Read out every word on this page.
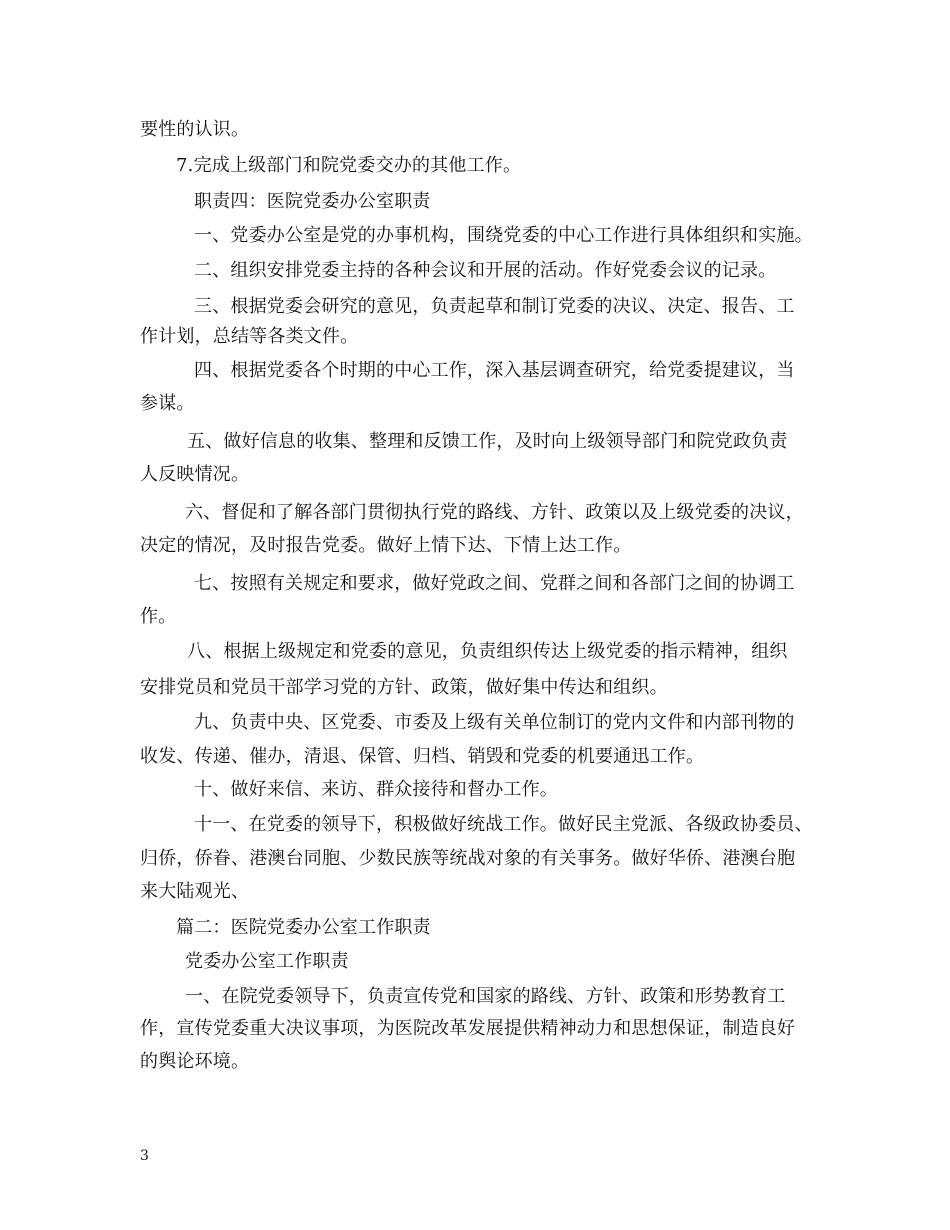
要性的认识。
7.完成上级部门和院党委交办的其他工作。
职责四：医院党委办公室职责
一、党委办公室是党的办事机构，围绕党委的中心工作进行具体组织和实施。
二、组织安排党委主持的各种会议和开展的活动。作好党委会议的记录。
三、根据党委会研究的意见，负责起草和制订党委的决议、决定、报告、工
作计划，总结等各类文件。
四、根据党委各个时期的中心工作，深入基层调查研究，给党委提建议，当
参谋。
五、做好信息的收集、整理和反馈工作，及时向上级领导部门和院党政负责
人反映情况。
六、督促和了解各部门贯彻执行党的路线、方针、政策以及上级党委的决议，
决定的情况，及时报告党委。做好上情下达、下情上达工作。
七、按照有关规定和要求，做好党政之间、党群之间和各部门之间的协调工
作。
八、根据上级规定和党委的意见，负责组织传达上级党委的指示精神，组织
安排党员和党员干部学习党的方针、政策，做好集中传达和组织。
九、负责中央、区党委、市委及上级有关单位制订的党内文件和内部刊物的
收发、传递、催办，清退、保管、归档、销毁和党委的机要通迅工作。
十、做好来信、来访、群众接待和督办工作。
十一、在党委的领导下，积极做好统战工作。做好民主党派、各级政协委员、
归侨，侨眷、港澳台同胞、少数民族等统战对象的有关事务。做好华侨、港澳台胞
来大陆观光、
篇二：医院党委办公室工作职责
党委办公室工作职责
一、在院党委领导下，负责宣传党和国家的路线、方针、政策和形势教育工
作，宣传党委重大决议事项，为医院改革发展提供精神动力和思想保证，制造良好
的舆论环境。
3
